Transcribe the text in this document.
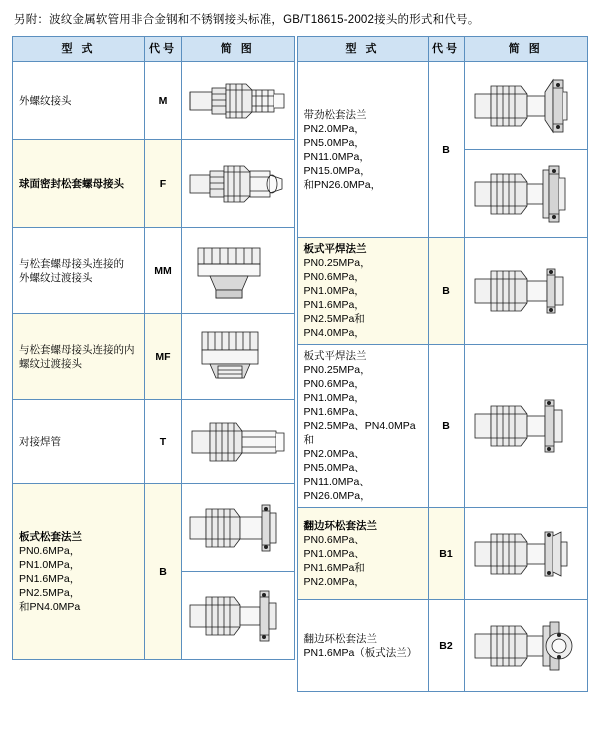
另附：波纹金属软管用非合金钢和不锈钢接头标准，GB/T18615-2002接头的形式和代号。
型 式	代号	简 图

外螺纹接头	M	

球面密封松套螺母接头	F	

与松套螺母接头连接的
外螺纹过渡接头	MM	

与松套螺母接头连接的内
螺纹过渡接头	MF	

对接焊管	T	

板式松套法兰
PN0.6MPa，PN1.0MPa，
PN1.6MPa，PN2.5MPa，
和PN4.0MPa	B	

型 式	代号	简 图

带劲松套法兰
PN2.0MPa，PN5.0MPa，
PN11.0MPa，PN15.0MPa，
和PN26.0MPa，	B	

板式平焊法兰
PN0.25MPa，PN0.6MPa，
PN1.0MPa，PN1.6MPa，
PN2.5MPa和PN4.0MPa，	B	

板式平焊法兰
PN0.25MPa，PN0.6MPa，
PN1.0MPa，PN1.6MPa、
PN2.5MPa、PN4.0MPa 和
PN2.0MPa、PN5.0MPa、
PN11.0MPa、PN26.0MPa，
	B	

翻边环松套法兰
PN0.6MPa、PN1.0MPa、
PN1.6MPa和PN2.0MPa，	B1	

翻边环松套法兰
PN1.6MPa（板式法兰）	B2	
